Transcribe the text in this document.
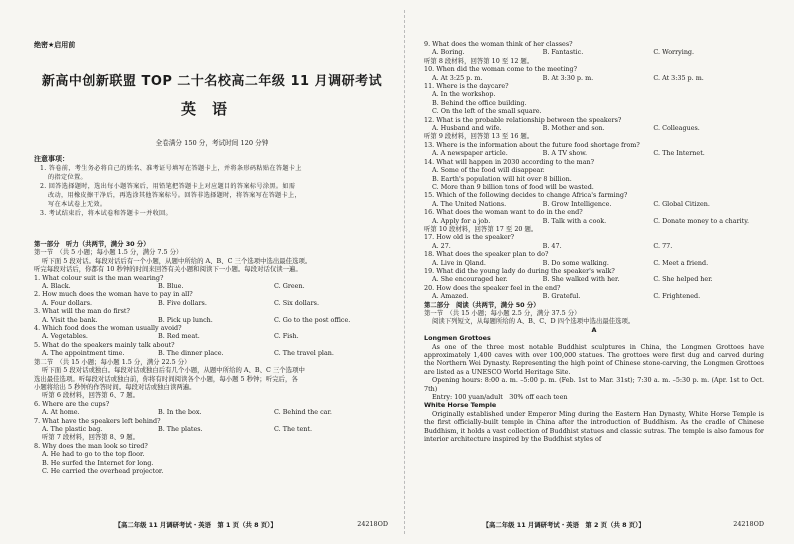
绝密★启用前
新高中创新联盟 TOP 二十名校高二年级 11 月调研考试
英语
全卷满分 150 分，考试时间 120 分钟
注意事项：
1. 答卷前，考生务必将自己的姓名、准考证号填写在答题卡上，并将条形码粘贴在答题卡上
的指定位置。
2. 回答选择题时，选出每小题答案后，用铅笔把答题卡上对应题目的答案标号涂黑。如需
改动，用橡皮擦干净后，再选涂其他答案标号。回答非选择题时，将答案写在答题卡上，
写在本试卷上无效。
3. 考试结束后，将本试卷和答题卡一并收回。
第一部分　听力（共两节，满分 30 分）
第一节　（共 5 小题；每小题 1.5 分，满分 7.5 分）
听下面 5 段对话。每段对话后有一个小题，从题中所给的 A、B、C 三个选项中选出最佳选项。
听完每段对话后，你都有 10 秒钟的时间来回答有关小题和阅读下一小题。每段对话仅读一遍。
1. What colour suit is the man wearing?
A. Black.	B. Blue.	C. Green.
2. How much does the woman have to pay in all?
A. Four dollars.	B. Five dollars.	C. Six dollars.
3. What will the man do first?
A. Visit the bank.	B. Pick up lunch.	C. Go to the post office.
4. Which food does the woman usually avoid?
A. Vegetables.	B. Red meat.	C. Fish.
5. What do the speakers mainly talk about?
A. The appointment time.	B. The dinner place.	C. The travel plan.
第二节　（共 15 小题；每小题 1.5 分，满分 22.5 分）
听下面 5 段对话或独白。每段对话或独白后有几个小题，从题中所给的 A、B、C 三个选项中
选出最佳选项。听每段对话或独白前，你将有时间阅读各个小题，每小题 5 秒钟；听完后，各
小题将给出 5 秒钟的作答时间。每段对话或独白读两遍。
听第 6 段材料，回答第 6、7 题。
6. Where are the cups?
A. At home.	B. In the box.	C. Behind the car.
7. What have the speakers left behind?
A. The plastic bag.	B. The plates.	C. The tent.
听第 7 段材料，回答第 8、9 题。
8. Why does the man look so tired?
A. He had to go to the top floor.
B. He surfed the Internet for long.
C. He carried the overhead projector.
9. What does the woman think of her classes?
A. Boring.	B. Fantastic.	C. Worrying.
听第 8 段材料，回答第 10 至 12 题。
10. When did the woman come to the meeting?
A. At 3:25 p. m.	B. At 3:30 p. m.	C. At 3:35 p. m.
11. Where is the daycare?
A. In the workshop.
B. Behind the office building.
C. On the left of the small square.
12. What is the probable relationship between the speakers?
A. Husband and wife.	B. Mother and son.	C. Colleagues.
听第 9 段材料，回答第 13 至 16 题。
13. Where is the information about the future food shortage from?
A. A newspaper article.	B. A TV show.	C. The Internet.
14. What will happen in 2030 according to the man?
A. Some of the food will disappear.
B. Earth's population will hit over 8 billion.
C. More than 9 billion tons of food will be wasted.
15. Which of the following decides to change Africa's farming?
A. The United Nations.	B. Grow Intelligence.	C. Global Citizen.
16. What does the woman want to do in the end?
A. Apply for a job.	B. Talk with a cook.	C. Donate money to a charity.
听第 10 段材料，回答第 17 至 20 题。
17. How old is the speaker?
A. 27.	B. 47.	C. 77.
18. What does the speaker plan to do?
A. Live in Qland.	B. Do some walking.	C. Meet a friend.
19. What did the young lady do during the speaker's walk?
A. She encouraged her.	B. She walked with her.	C. She helped her.
20. How does the speaker feel in the end?
A. Amazed.	B. Grateful.	C. Frightened.
第二部分　阅读（共两节，满分 50 分）
第一节　（共 15 小题；每小题 2.5 分，满分 37.5 分）
阅读下列短文，从每题所给的 A、B、C、D 四个选项中选出最佳选项。
A
Longmen Grottoes
As one of the three most notable Buddhist sculptures in China, the Longmen Grottoes have approximately 1,400 caves with over 100,000 statues. The grottoes were first dug and carved during the Northern Wei Dynasty. Representing the high point of Chinese stone-carving, the Longmen Grottoes are listed as a UNESCO World Heritage Site.
Opening hours: 8:00 a. m. –5:00 p. m. (Feb. 1st to Mar. 31st); 7:30 a. m. –5:30 p. m. (Apr. 1st to Oct. 7th)
Entry: 100 yuan/adult　30% off each teen
White Horse Temple
Originally established under Emperor Ming during the Eastern Han Dynasty, White Horse Temple is the first officially-built temple in China after the introduction of Buddhism. As the cradle of Chinese Buddhism, it holds a vast collection of Buddhist statues and classic sutras. The temple is also famous for interior architecture inspired by the Buddhist styles of
【高二年级 11 月调研考试・英语　第 1 页（共 8 页）】	24218OD	【高二年级 11 月调研考试・英语　第 2 页（共 8 页）】	24218OD
